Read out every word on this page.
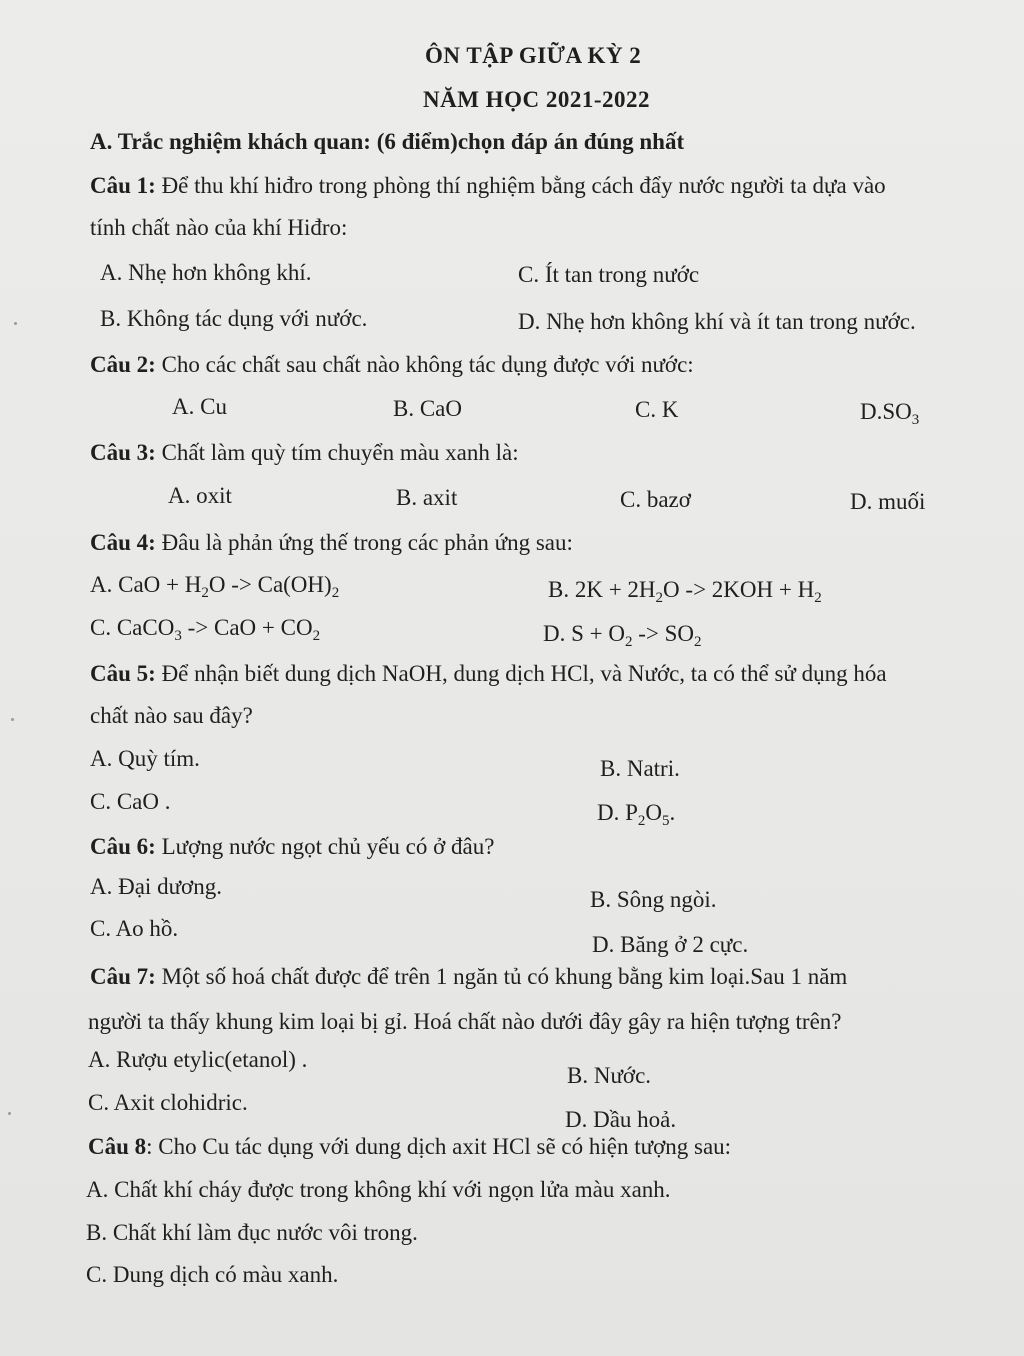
ÔN TẬP GIỮA KỲ 2
NĂM HỌC 2021-2022
A. Trắc nghiệm khách quan: (6 điểm)chọn đáp án đúng nhất
Câu 1: Để thu khí hiđro trong phòng thí nghiệm bằng cách đẩy nước người ta dựa vào
tính chất nào của khí Hiđro:
A. Nhẹ hơn không khí.	C. Ít tan trong nước
B. Không tác dụng với nước.	D. Nhẹ hơn không khí và ít tan trong nước.
Câu 2: Cho các chất sau chất nào không tác dụng được với nước:
A. Cu	B. CaO	C. K	$D.SO_3$
Câu 3: Chất làm quỳ tím chuyển màu xanh là:
A. oxit	B. axit	C. bazơ	D. muối
Câu 4: Đâu là phản ứng thế trong các phản ứng sau:
A. CaO + $H_2O -> Ca(OH)_2$	B. $2K + 2H_2O -> 2KOH + H_2$
C. CaCO$_3$ -> CaO + $CO_2$	D. $S + O_2 -> SO_2$
Câu 5: Để nhận biết dung dịch NaOH, dung dịch HCl, và Nước, ta có thể sử dụng hóa
chất nào sau đây?
A. Quỳ tím.	B. Natri.
C. CaO .	D. $P_2O_5$.
Câu 6: Lượng nước ngọt chủ yếu có ở đâu?
A. Đại dương.
B. Sông ngòi.
C. Ao hồ.
D. Băng ở 2 cực.
Câu 7: Một số hoá chất được để trên 1 ngăn tủ có khung bằng kim loại.Sau 1 năm
người ta thấy khung kim loại bị gỉ. Hoá chất nào dưới đây gây ra hiện tượng trên?
A. Rượu etylic(etanol) .
B. Nước.
C. Axit clohidric.
D. Dầu hoả.
Câu 8: Cho Cu tác dụng với dung dịch axit HCl sẽ có hiện tượng sau:
A. Chất khí cháy được trong không khí với ngọn lửa màu xanh.
B. Chất khí làm đục nước vôi trong.
C. Dung dịch có màu xanh.
